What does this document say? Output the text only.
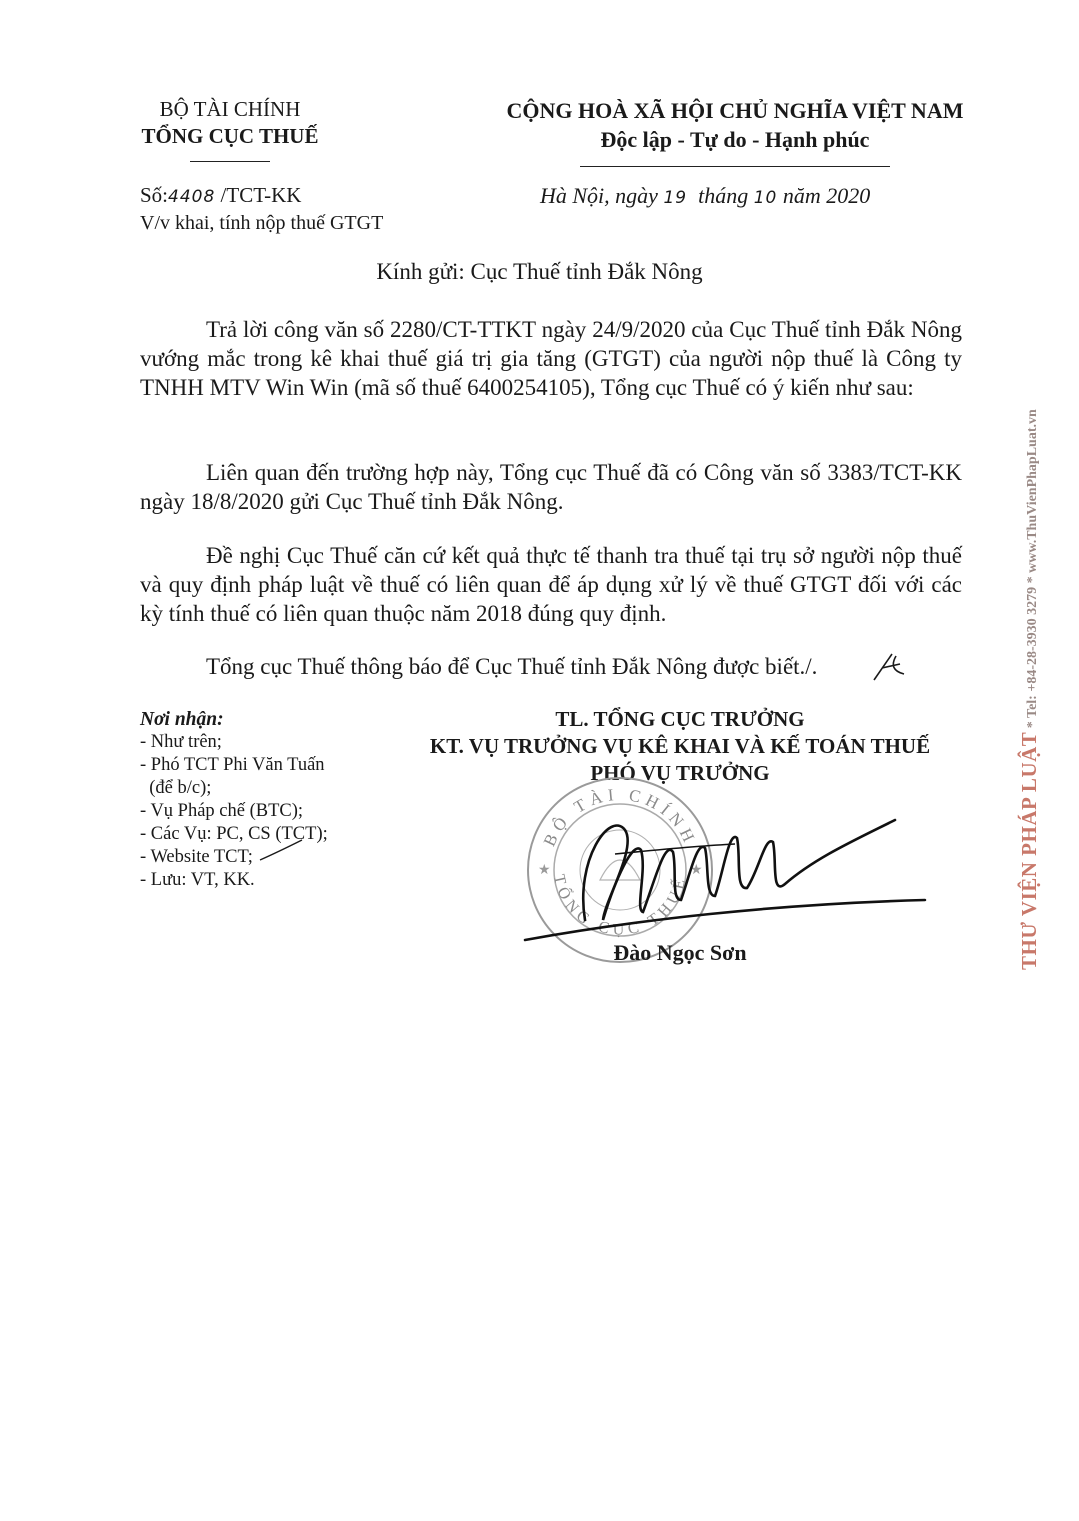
BỘ TÀI CHÍNH
TỔNG CỤC THUẾ
CỘNG HOÀ XÃ HỘI CHỦ NGHĨA VIỆT NAM
Độc lập - Tự do - Hạnh phúc
Số:4408 /TCT-KK
V/v khai, tính nộp thuế GTGT
Hà Nội, ngày 19  tháng 10 năm 2020
Kính gửi: Cục Thuế tỉnh Đắk Nông

Trả lời công văn số 2280/CT-TTKT ngày 24/9/2020 của Cục Thuế tỉnh Đắk Nông vướng mắc trong kê khai thuế giá trị gia tăng (GTGT) của người nộp thuế là Công ty TNHH MTV Win Win (mã số thuế 6400254105), Tổng cục Thuế có ý kiến như sau:

Liên quan đến trường hợp này, Tổng cục Thuế đã có Công văn số 3383/TCT-KK ngày 18/8/2020 gửi Cục Thuế tỉnh Đắk Nông.

Đề nghị Cục Thuế căn cứ kết quả thực tế thanh tra thuế tại trụ sở người nộp thuế và quy định pháp luật về thuế có liên quan để áp dụng xử lý về thuế GTGT đối với các kỳ tính thuế có liên quan thuộc năm 2018 đúng quy định.

Tổng cục Thuế thông báo để Cục Thuế tỉnh Đắk Nông được biết./.

Nơi nhận:
- Như trên;
- Phó TCT Phi Văn Tuấn
(để b/c);
- Vụ Pháp chế (BTC);
- Các Vụ: PC, CS (TCT);
- Website TCT;
- Lưu: VT, KK.
TL. TỔNG CỤC TRƯỞNG
KT. VỤ TRƯỞNG VỤ KÊ KHAI VÀ KẾ TOÁN THUẾ
PHÓ VỤ TRƯỞNG
BỘ TÀI CHÍNH
TỔNG CỤC THUẾ
★	★
Đào Ngọc Sơn	THƯ VIỆN PHÁP LUẬT * Tel: +84-28-3930 3279 * www.ThuVienPhapLuat.vn
